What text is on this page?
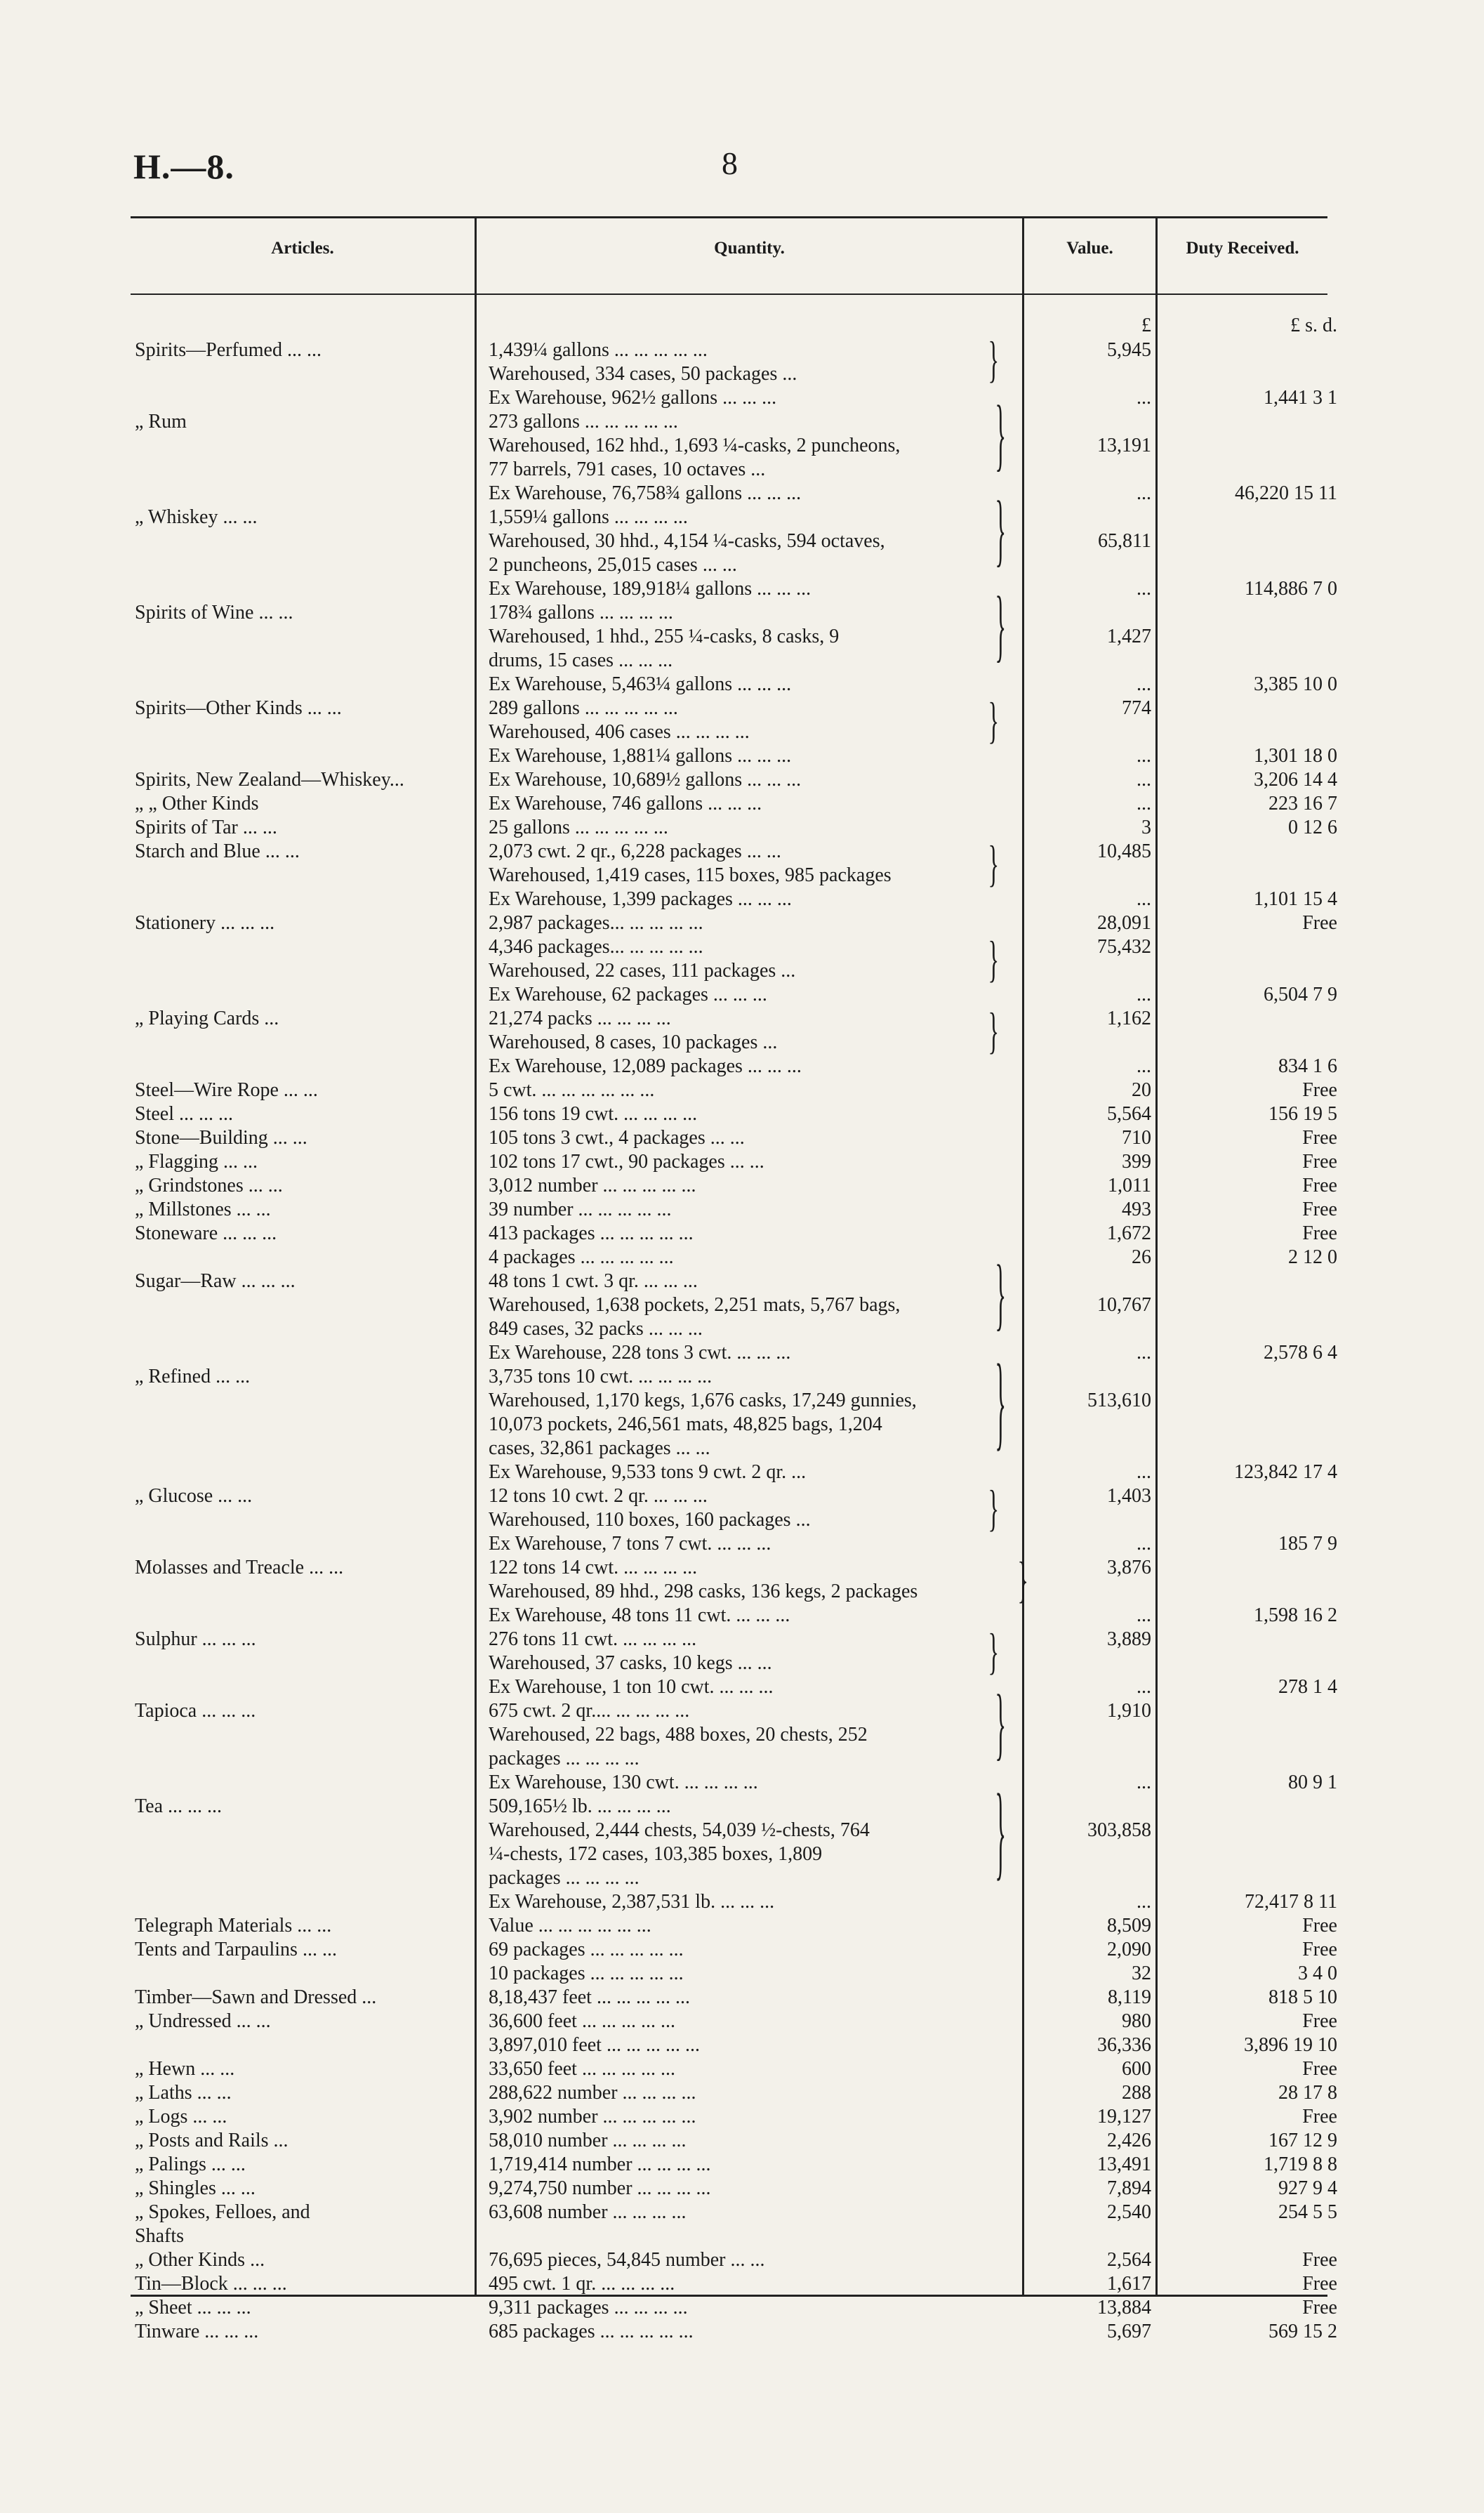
H.—8.	8
Articles.	Quantity.	Value.	Duty Received.
£	£ s. d.
Spirits—Perfumed ... ...	1,439¼ gallons ... ... ... ... ...	5,945
Warehoused, 334 cases, 50 packages ...
Ex Warehouse, 962½ gallons ... ... ...	...	1,441 3 1
„ Rum	273 gallons ... ... ... ... ...
Warehoused, 162 hhd., 1,693 ¼-casks, 2 puncheons,	13,191
77 barrels, 791 cases, 10 octaves ...
Ex Warehouse, 76,758¾ gallons ... ... ...	...	46,220 15 11
„ Whiskey ... ...	1,559¼ gallons ... ... ... ...
Warehoused, 30 hhd., 4,154 ¼-casks, 594 octaves,	65,811
2 puncheons, 25,015 cases ... ...
Ex Warehouse, 189,918¼ gallons ... ... ...	...	114,886 7 0
Spirits of Wine ... ...	178¾ gallons ... ... ... ...
Warehoused, 1 hhd., 255 ¼-casks, 8 casks, 9	1,427
drums, 15 cases ... ... ...
Ex Warehouse, 5,463¼ gallons ... ... ...	...	3,385 10 0
Spirits—Other Kinds ... ...	289 gallons ... ... ... ... ...	774
Warehoused, 406 cases ... ... ... ...
Ex Warehouse, 1,881¼ gallons ... ... ...	...	1,301 18 0
Spirits, New Zealand—Whiskey...	Ex Warehouse, 10,689½ gallons ... ... ...	...	3,206 14 4
„ „ Other Kinds	Ex Warehouse, 746 gallons ... ... ...	...	223 16 7
Spirits of Tar ... ...	25 gallons ... ... ... ... ...	3	0 12 6
Starch and Blue ... ...	2,073 cwt. 2 qr., 6,228 packages ... ...	10,485
Warehoused, 1,419 cases, 115 boxes, 985 packages
Ex Warehouse, 1,399 packages ... ... ...	...	1,101 15 4
Stationery ... ... ...	2,987 packages... ... ... ... ...	28,091	Free
4,346 packages... ... ... ... ...	75,432
Warehoused, 22 cases, 111 packages ...
Ex Warehouse, 62 packages ... ... ...	...	6,504 7 9
„ Playing Cards ...	21,274 packs ... ... ... ...	1,162
Warehoused, 8 cases, 10 packages ...
Ex Warehouse, 12,089 packages ... ... ...	...	834 1 6
Steel—Wire Rope ... ...	5 cwt. ... ... ... ... ... ...	20	Free
Steel ... ... ...	156 tons 19 cwt. ... ... ... ...	5,564	156 19 5
Stone—Building ... ...	105 tons 3 cwt., 4 packages ... ...	710	Free
„ Flagging ... ...	102 tons 17 cwt., 90 packages ... ...	399	Free
„ Grindstones ... ...	3,012 number ... ... ... ... ...	1,011	Free
„ Millstones ... ...	39 number ... ... ... ... ...	493	Free
Stoneware ... ... ...	413 packages ... ... ... ... ...	1,672	Free
4 packages ... ... ... ... ...	26	2 12 0
Sugar—Raw ... ... ...	48 tons 1 cwt. 3 qr. ... ... ...
Warehoused, 1,638 pockets, 2,251 mats, 5,767 bags,	10,767
849 cases, 32 packs ... ... ...
Ex Warehouse, 228 tons 3 cwt. ... ... ...	...	2,578 6 4
„ Refined ... ...	3,735 tons 10 cwt. ... ... ... ...
Warehoused, 1,170 kegs, 1,676 casks, 17,249 gunnies,	513,610
10,073 pockets, 246,561 mats, 48,825 bags, 1,204
cases, 32,861 packages ... ...
Ex Warehouse, 9,533 tons 9 cwt. 2 qr. ...	...	123,842 17 4
„ Glucose ... ...	12 tons 10 cwt. 2 qr. ... ... ...	1,403
Warehoused, 110 boxes, 160 packages ...
Ex Warehouse, 7 tons 7 cwt. ... ... ...	...	185 7 9
Molasses and Treacle ... ...	122 tons 14 cwt. ... ... ... ...	3,876
Warehoused, 89 hhd., 298 casks, 136 kegs, 2 packages
Ex Warehouse, 48 tons 11 cwt. ... ... ...	...	1,598 16 2
Sulphur ... ... ...	276 tons 11 cwt. ... ... ... ...	3,889
Warehoused, 37 casks, 10 kegs ... ...
Ex Warehouse, 1 ton 10 cwt. ... ... ...	...	278 1 4
Tapioca ... ... ...	675 cwt. 2 qr.... ... ... ... ...	1,910
Warehoused, 22 bags, 488 boxes, 20 chests, 252
packages ... ... ... ...
Ex Warehouse, 130 cwt. ... ... ... ...	...	80 9 1
Tea ... ... ...	509,165½ lb. ... ... ... ...
Warehoused, 2,444 chests, 54,039 ½-chests, 764	303,858
¼-chests, 172 cases, 103,385 boxes, 1,809
packages ... ... ... ...
Ex Warehouse, 2,387,531 lb. ... ... ...	...	72,417 8 11
Telegraph Materials ... ...	Value ... ... ... ... ... ...	8,509	Free
Tents and Tarpaulins ... ...	69 packages ... ... ... ... ...	2,090	Free
10 packages ... ... ... ... ...	32	3 4 0
Timber—Sawn and Dressed ...	8,18,437 feet ... ... ... ... ...	8,119	818 5 10
„ Undressed ... ...	36,600 feet ... ... ... ... ...	980	Free
3,897,010 feet ... ... ... ... ...	36,336	3,896 19 10
„ Hewn ... ...	33,650 feet ... ... ... ... ...	600	Free
„ Laths ... ...	288,622 number ... ... ... ...	288	28 17 8
„ Logs ... ...	3,902 number ... ... ... ... ...	19,127	Free
„ Posts and Rails ...	58,010 number ... ... ... ...	2,426	167 12 9
„ Palings ... ...	1,719,414 number ... ... ... ...	13,491	1,719 8 8
„ Shingles ... ...	9,274,750 number ... ... ... ...	7,894	927 9 4
„ Spokes, Felloes, and	63,608 number ... ... ... ...	2,540	254 5 5
Shafts
„ Other Kinds ...	76,695 pieces, 54,845 number ... ...	2,564	Free
Tin—Block ... ... ...	495 cwt. 1 qr. ... ... ... ...	1,617	Free
„ Sheet ... ... ...	9,311 packages ... ... ... ...	13,884	Free
Tinware ... ... ...	685 packages ... ... ... ... ...	5,697	569 15 2
}
}
}
}
}
}
}
}
}
}
}
}
}
}
}
